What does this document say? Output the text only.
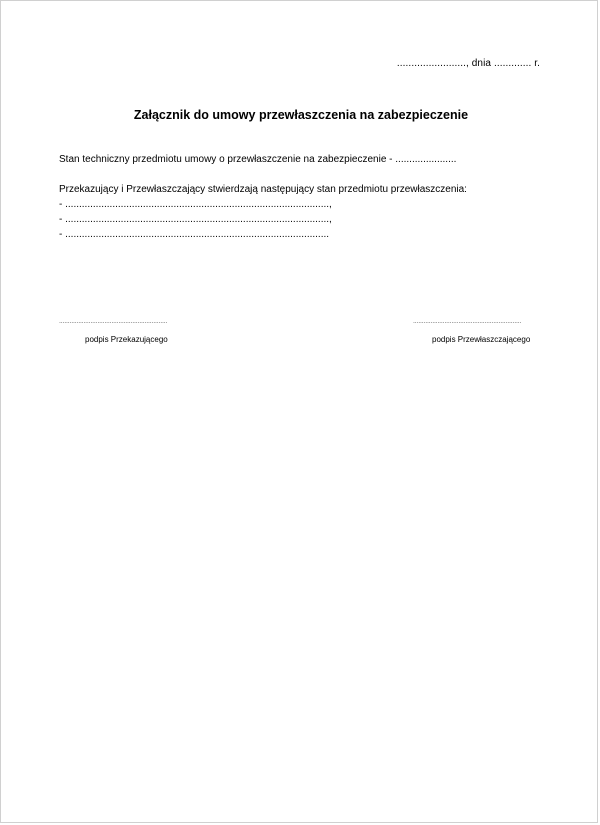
........................, dnia ............. r.
Załącznik do umowy przewłaszczenia na zabezpieczenie
Stan techniczny przedmiotu umowy o przewłaszczenie na zabezpieczenie - ......................
Przekazujący i Przewłaszczający stwierdzają następujący stan przedmiotu przewłaszczenia:
- ...............................................................................................,
- ...............................................................................................,
- ...............................................................................................
..............................................................
podpis Przekazującego
..............................................................
podpis Przewłaszczającego
